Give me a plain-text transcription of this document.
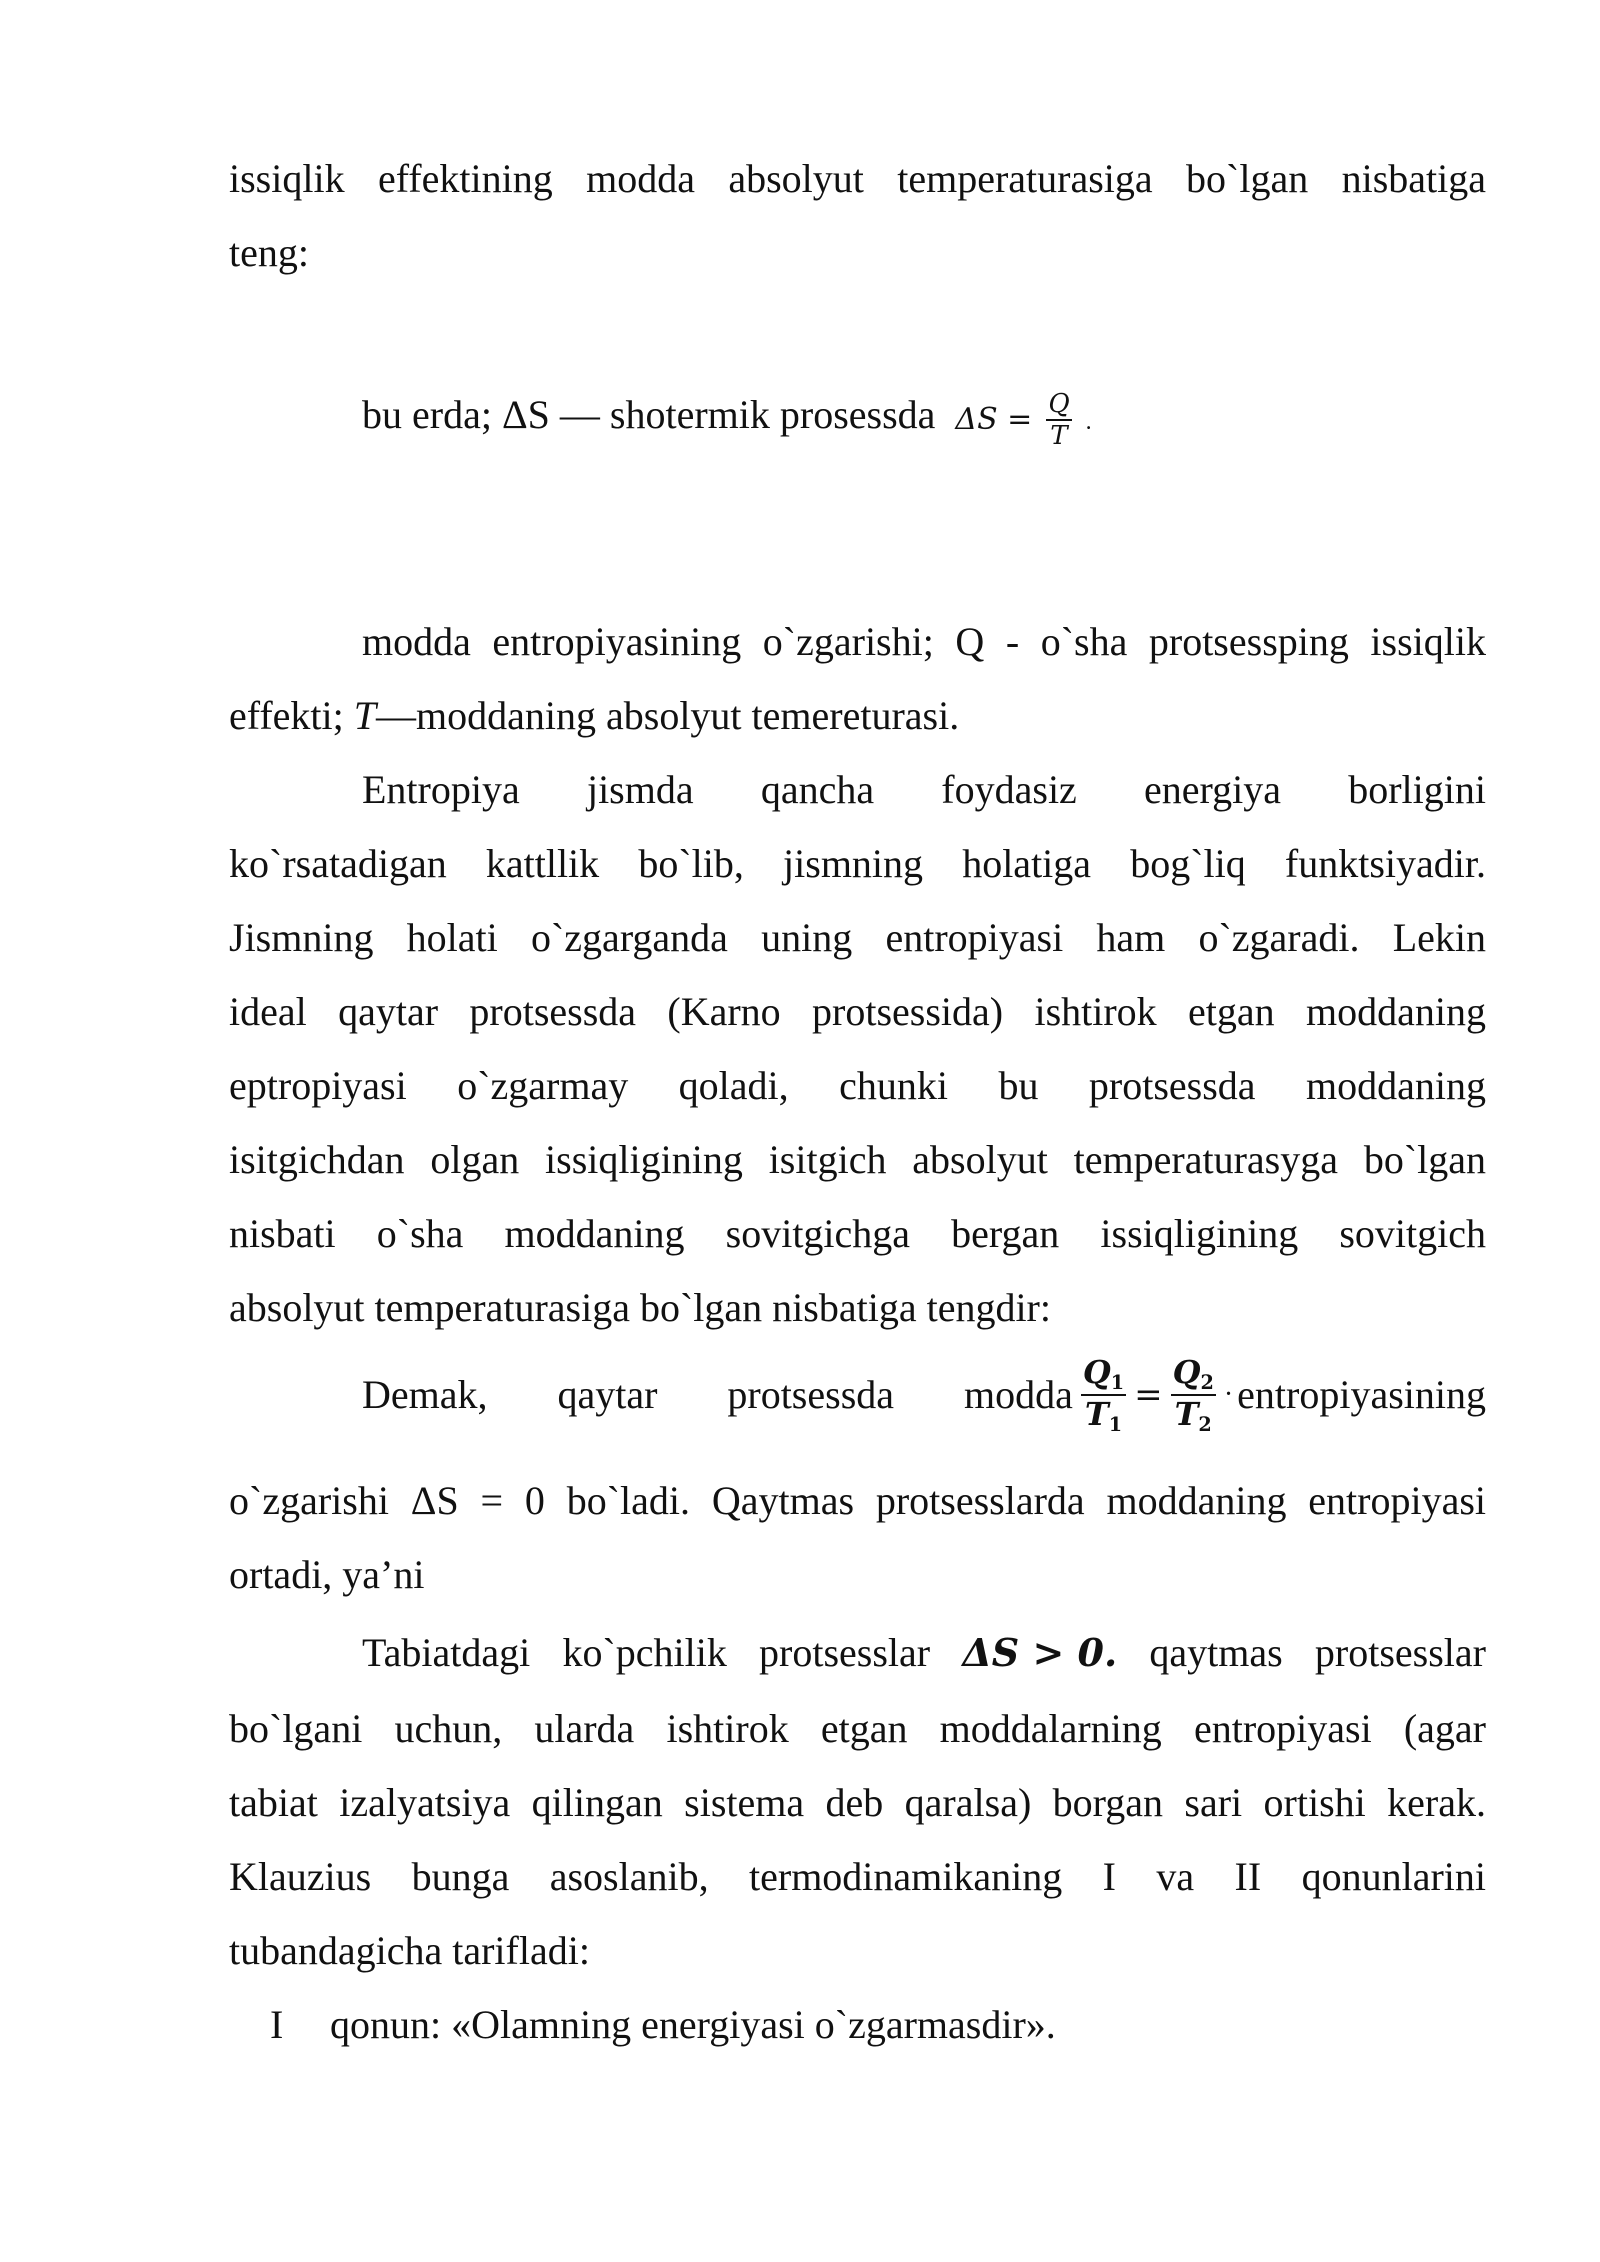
issiqlik effektining modda absolyut temperaturasiga bo`lgan nisbatiga
teng:
bu erda; ΔS — shotermik prosessda $\Delta S = \frac{Q}{T}$ .
modda entropiyasining o`zgarishi; Q - o`sha protsessping issiqlik
effekti; T—moddaning absolyut temereturasi.
Entropiya jismda qancha foydasiz energiya borligini
ko`rsatadigan kattllik bo`lib, jismning holatiga bog`liq funktsiyadir.
Jismning holati o`zgarganda uning entropiyasi ham o`zgaradi. Lekin
ideal qaytar protsessda (Karno protsessida) ishtirok etgan moddaning
eptropiyasi o`zgarmay qoladi, chunki bu protsessda moddaning
isitgichdan olgan issiqligining isitgich absolyut temperaturasyga bo`lgan
nisbati o`sha moddaning sovitgichga bergan issiqligining sovitgich
absolyut temperaturasiga bo`lgan nisbatiga tengdir:
Demak, qaytar protsessda modda $\frac{Q_1}{T_1} = \frac{Q_2}{T_2}$ · entropiyasining
o`zgarishi ΔS = 0 bo`ladi. Qaytmas protsesslarda moddaning entropiyasi
ortadi, ya’ni
Tabiatdagi ko`pchilik protsesslar ΔS > 0. qaytmas protsesslar
bo`lgani uchun, ularda ishtirok etgan moddalarning entropiyasi (agar
tabiat izalyatsiya qilingan sistema deb qaralsa) borgan sari ortishi kerak.
Klauzius bunga asoslanib, termodinamikaning I va II qonunlarini
tubandagicha tarifladi:
I qonun: «Olamning energiyasi o`zgarmasdir».
